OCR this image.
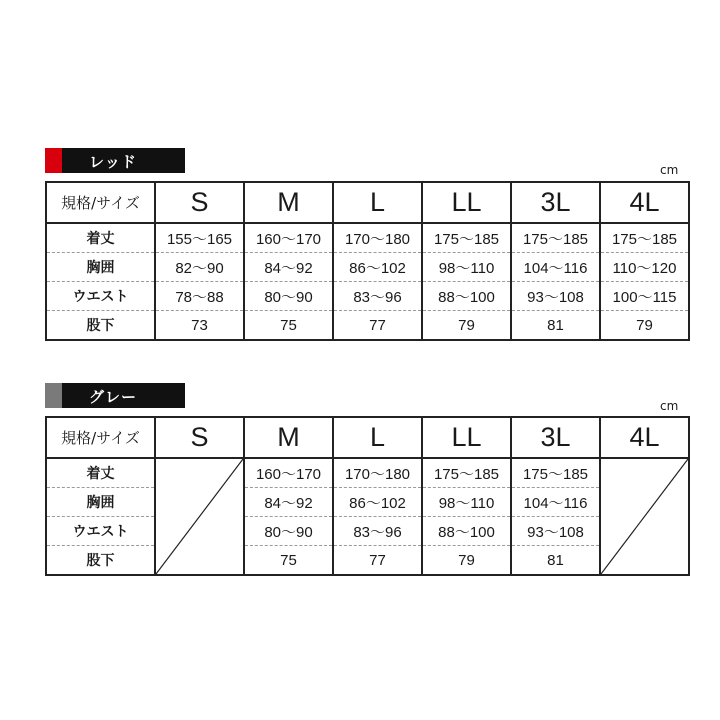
レッド	cm
規格/サイズ	S	M	L	LL	3L	4L
着丈	155～165	160～170	170～180	175～185	175～185	175～185
胸囲	82～90	84～92	86～102	98～110	104～116	110～120
ウエスト	78～88	80～90	83～96	88～100	93～108	100～115
股下	73	75	77	79	81	79
グレー	cm
規格/サイズ	S	M	L	LL	3L	4L
着丈		160～170	170～180	175～185	175～185	

胸囲		84～92	86～102	98～110	104～116	
ウエスト		80～90	83～96	88～100	93～108	
股下		75	77	79	81	
